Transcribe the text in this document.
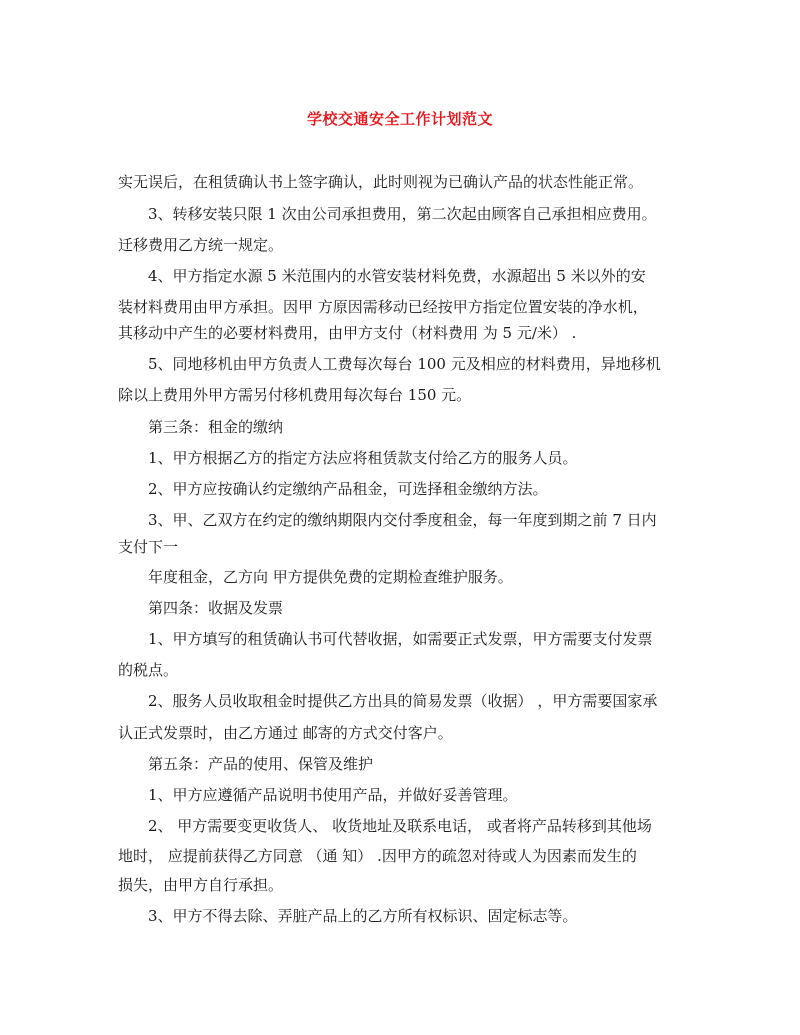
学校交通安全工作计划范文
实无误后，在租赁确认书上签字确认，此时则视为已确认产品的状态性能正常。
3、转移安装只限 1 次由公司承担费用，第二次起由顾客自己承担相应费用。
迁移费用乙方统一规定。
4、甲方指定水源 5 米范围内的水管安装材料免费，水源超出 5 米以外的安
装材料费用由甲方承担。因甲 方原因需移动已经按甲方指定位置安装的净水机，
其移动中产生的必要材料费用，由甲方支付（材料费用 为 5 元/米） .
5、同地移机由甲方负责人工费每次每台 100 元及相应的材料费用，异地移机
除以上费用外甲方需另付移机费用每次每台 150 元。
第三条：租金的缴纳
1、甲方根据乙方的指定方法应将租赁款支付给乙方的服务人员。
2、甲方应按确认约定缴纳产品租金，可选择租金缴纳方法。
3、甲、乙双方在约定的缴纳期限内交付季度租金，每一年度到期之前 7 日内
支付下一
年度租金，乙方向 甲方提供免费的定期检查维护服务。
第四条：收据及发票
1、甲方填写的租赁确认书可代替收据，如需要正式发票，甲方需要支付发票
的税点。
2、服务人员收取租金时提供乙方出具的简易发票（收据） ，甲方需要国家承
认正式发票时，由乙方通过 邮寄的方式交付客户。
第五条：产品的使用、保管及维护
1、甲方应遵循产品说明书使用产品，并做好妥善管理。
2、 甲方需要变更收货人、 收货地址及联系电话， 或者将产品转移到其他场
地时， 应提前获得乙方同意 （通 知） .因甲方的疏忽对待或人为因素而发生的
损失，由甲方自行承担。
3、甲方不得去除、弄脏产品上的乙方所有权标识、固定标志等。
